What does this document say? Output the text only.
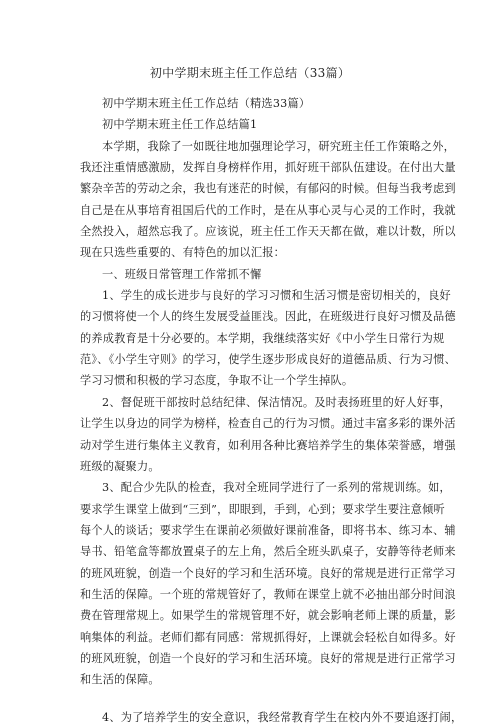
初中学期末班主任工作总结（33篇）
初中学期末班主任工作总结（精选33篇）
初中学期末班主任工作总结篇1
本学期，我除了一如既往地加强理论学习，研究班主任工作策略之外，
我还注重情感激励，发挥自身榜样作用，抓好班干部队伍建设。在付出大量
繁杂辛苦的劳动之余，我也有迷茫的时候，有郁闷的时候。但每当我考虑到
自己是在从事培育祖国后代的工作时，是在从事心灵与心灵的工作时，我就
全然投入，超然忘我了。应该说，班主任工作天天都在做，难以计数，所以
现在只选些重要的、有特色的加以汇报：
一、班级日常管理工作常抓不懈
1、学生的成长进步与良好的学习习惯和生活习惯是密切相关的，良好
的习惯将使一个人的终生发展受益匪浅。因此，在班级进行良好习惯及品德
的养成教育是十分必要的。本学期，我继续落实好《中小学生日常行为规
范》、《小学生守则》的学习，使学生逐步形成良好的道德品质、行为习惯、
学习习惯和积极的学习态度，争取不让一个学生掉队。
2、督促班干部按时总结纪律、保洁情况。及时表扬班里的好人好事，
让学生以身边的同学为榜样，检查自己的行为习惯。通过丰富多彩的课外活
动对学生进行集体主义教育，如利用各种比赛培养学生的集体荣誉感，增强
班级的凝聚力。
3、配合少先队的检查，我对全班同学进行了一系列的常规训练。如，
要求学生课堂上做到“三到”，即眼到，手到，心到；要求学生要注意倾听
每个人的谈话；要求学生在课前必须做好课前准备，即将书本、练习本、辅
导书、铅笔盒等都放置桌子的左上角，然后全班头趴桌子，安静等待老师来
的班风班貌，创造一个良好的学习和生活环境。良好的常规是进行正常学习
和生活的保障。一个班的常规管好了，教师在课堂上就不必抽出部分时间浪
费在管理常规上。如果学生的常规管理不好，就会影响老师上课的质量，影
响集体的利益。老师们都有同感：常规抓得好，上课就会轻松自如得多。好
的班风班貌，创造一个良好的学习和生活环境。良好的常规是进行正常学习
和生活的保障。
4、为了培养学生的安全意识，我经常教育学生在校内外不要追逐打闹，
